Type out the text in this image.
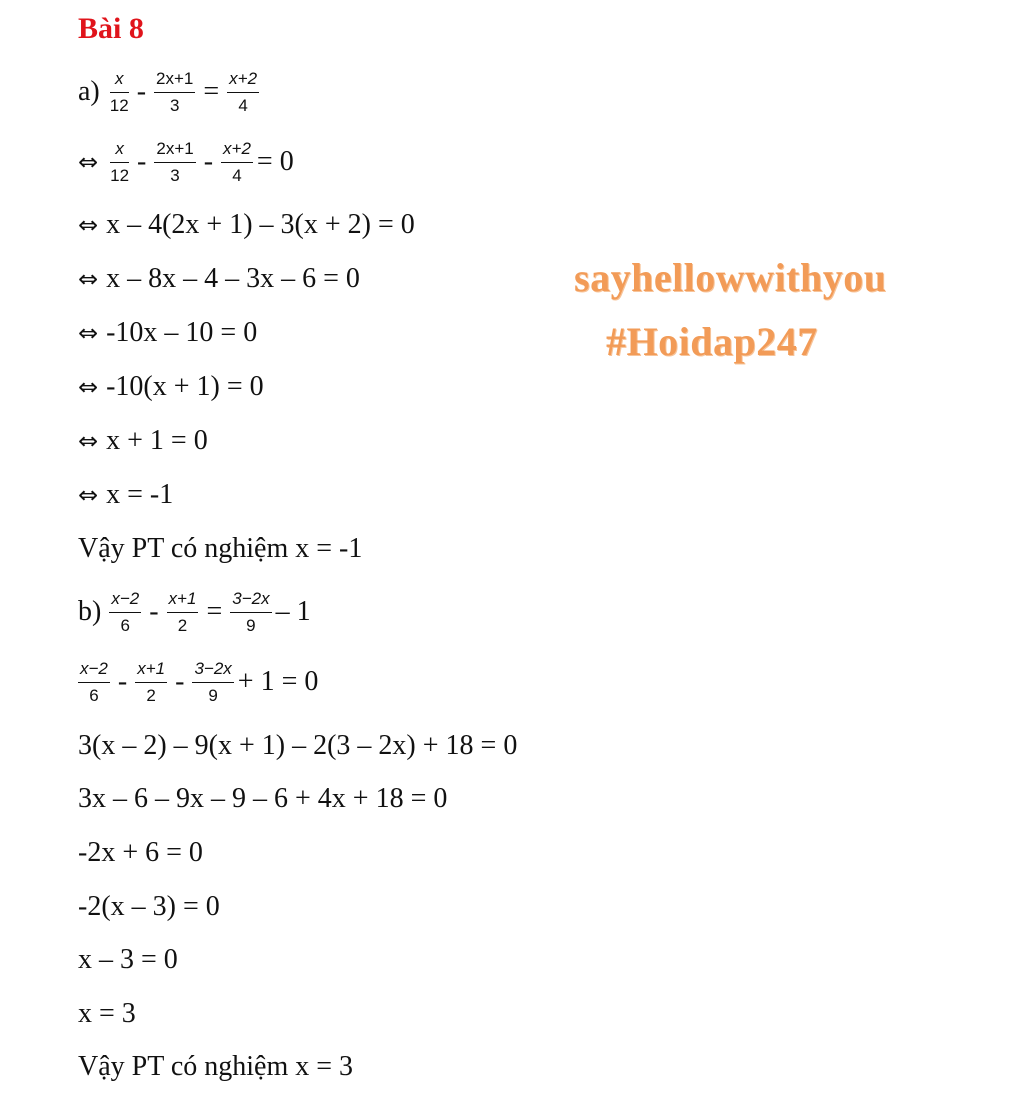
Bài 8
$a) \frac{x}{12} - \frac{2x+1}{3} = \frac{x+2}{4}$
⇔ $\frac{x}{12} - \frac{2x+1}{3} - \frac{x+2}{4} = 0$
⇔ x – 4(2x + 1) – 3(x + 2) = 0
⇔ x – 8x – 4 – 3x – 6 = 0
⇔ -10x – 10 = 0
⇔ -10(x + 1) = 0
⇔ x + 1 = 0
⇔ x = -1
Vậy PT có nghiệm x = -1
$b) \frac{x-2}{6} - \frac{x+1}{2} = \frac{3-2x}{9} - 1$
$\frac{x-2}{6} - \frac{x+1}{2} - \frac{3-2x}{9} + 1 = 0$
3(x – 2) – 9(x + 1) – 2(3 – 2x) + 18 = 0
3x – 6 – 9x – 9 – 6 + 4x + 18 = 0
-2x + 6 = 0
-2(x – 3) = 0
x – 3 = 0
x = 3
Vậy PT có nghiệm x = 3
sayhellowwithyou
#Hoidap247
